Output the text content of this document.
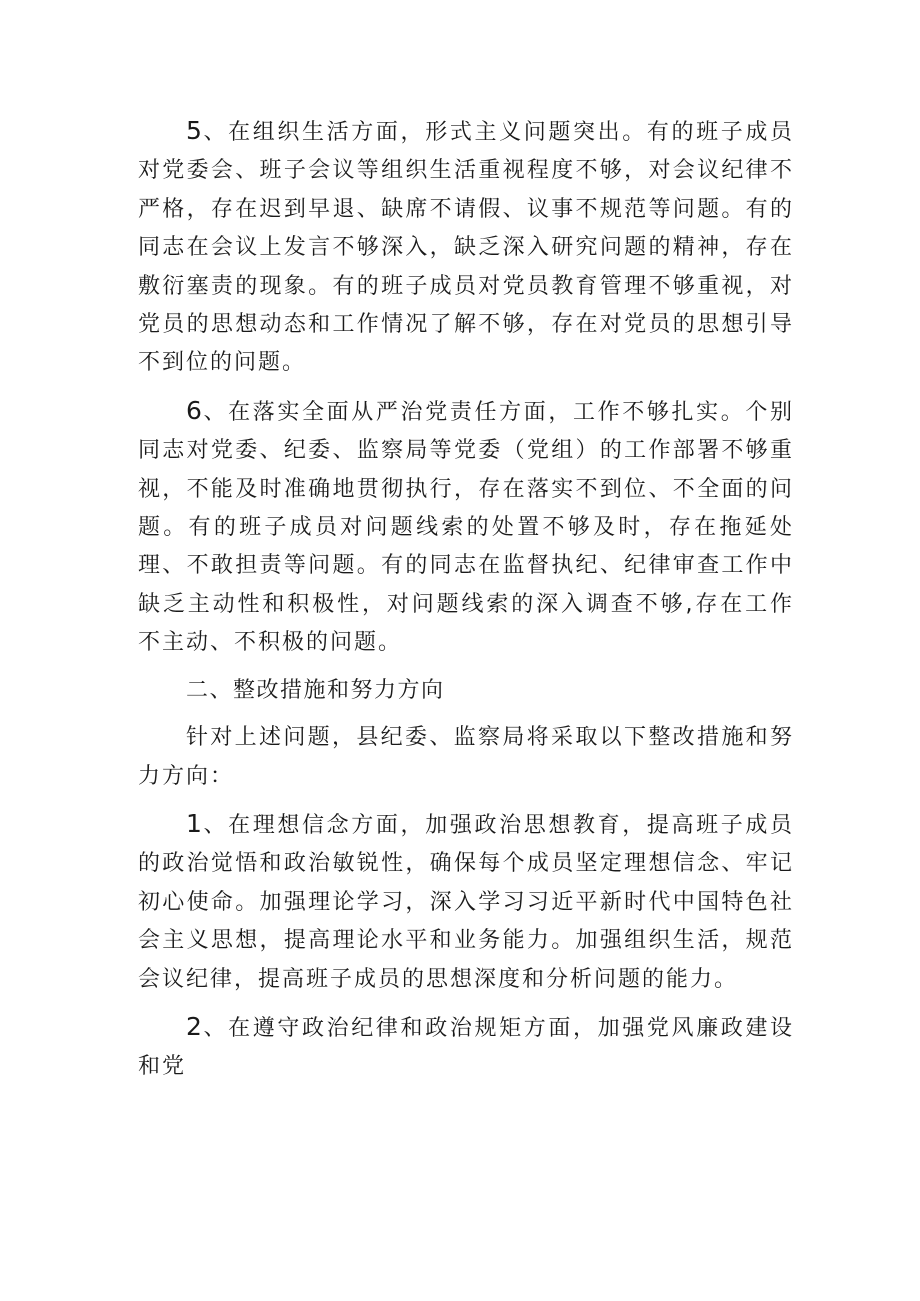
5、在组织生活方面，形式主义问题突出。有的班子成员对党委会、班子会议等组织生活重视程度不够，对会议纪律不严格，存在迟到早退、缺席不请假、议事不规范等问题。有的同志在会议上发言不够深入，缺乏深入研究问题的精神，存在敷衍塞责的现象。有的班子成员对党员教育管理不够重视，对党员的思想动态和工作情况了解不够，存在对党员的思想引导不到位的问题。

6、在落实全面从严治党责任方面，工作不够扎实。个别同志对党委、纪委、监察局等党委（党组）的工作部署不够重视，不能及时准确地贯彻执行，存在落实不到位、不全面的问题。有的班子成员对问题线索的处置不够及时，存在拖延处理、不敢担责等问题。有的同志在监督执纪、纪律审查工作中缺乏主动性和积极性，对问题线索的深入调查不够,存在工作不主动、不积极的问题。

二、整改措施和努力方向

针对上述问题，县纪委、监察局将采取以下整改措施和努力方向：

1、在理想信念方面，加强政治思想教育，提高班子成员的政治觉悟和政治敏锐性，确保每个成员坚定理想信念、牢记初心使命。加强理论学习，深入学习习近平新时代中国特色社会主义思想，提高理论水平和业务能力。加强组织生活，规范会议纪律，提高班子成员的思想深度和分析问题的能力。

2、在遵守政治纪律和政治规矩方面，加强党风廉政建设和党
